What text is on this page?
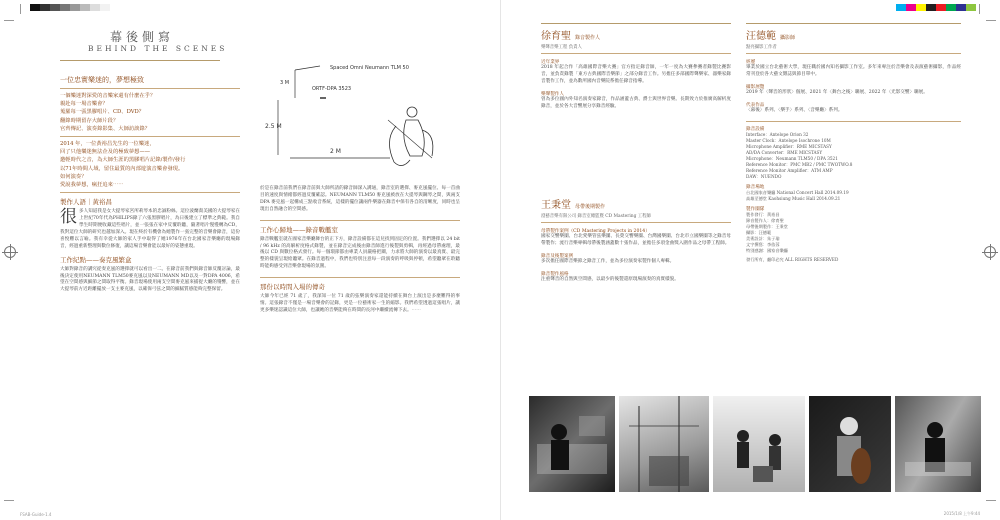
幕後側寫
BEHIND THE SCENES
一位忠實樂迷的，夢想極致
一個樂迷對深愛的音樂家還有什麼在乎？
親赴每一場音樂會？
蒐羅每一張黑膠唱片、CD、DVD？
翻錄時期留存大師片段？
官齊傳記、演奏錄影集、大師訪談錄？
2014 年，一位黃裕昌先生的一位樂迷，
回了只他樂迷無法企及的極致夢想——
邀輕時代之音，為大師生涯的黑膠唱片記錄/製作/發行
以71年時間人域，留住最質的內部遊演音樂會發現。
如何演奏？
愛說我夢想，瘋狂追來⋯⋯
製作人語｜黃裕昌
很多人知道我是女大提琴家宮所莉琴本的忠誠粉絲。這位波蘭裔美國的大提琴家在上世紀70年代為PHILIPS錄了六張黑膠唱片，為日後建立了標準之典範。我自學生時期便收藏這些唱片，並一張張在家中反覆聆聽，隨著唱片慢慢轉為CD，我對這位大師的研究也越加深入。現在終於有機會為她製作一張完整的音樂會錄音，這份喜悅難以言喻。我有幸從大師的家人手中取得了她1976年在台北國家音樂廳的現場錄音，經過重新整理與數位修復，讓這場音樂會能以最好的姿態重現。
工作紀點——奏克風繁盒
大師對錄音的講究從奏克風的選擇就可以看出一二。在錄音前我們與錄音師反覆討論，最後決定使用NEUMANN TLM50麥克風以及NEUMANN MD以及一對DPA 4006，希望在空間感與細節之間取得平衡。錄音現場使用兩支空間麥克風來捕捉大廳的殘響，並在大提琴前方近距離擺放一支主麥克風，以確保弓弦之間的細膩質感能夠完整保留。
Spaced Omni Neumann TLM 50
ORTF-DPA 3523
3 M
2.5 M
2 M
於是在錄音前我們在錄音前與大師所請的錄音師深入溝通，錄音室的選擇、麥克風擺位、每一首曲目的速度與情緒都經過反覆確認。NEUMANN TLM50 麥克風被放在大提琴與鋼琴之間，與兩支 DPA 麥克風一起構成三點收音系統，這樣的擺位讓兩件樂器在錄音中保有各自的清晰度，同時也呈現出自然融合的空間感。
工作心歸地——錄音戰艦室
錄音戰艦室就在國家音樂廳舞台的正下方，錄音設備都在這兒找到固定的位置。我們選擇以 24 bit / 96 kHz 的高解析度格式錄製，並在錄音完成後由錄音師進行後製與剪輯，再經過母帶處理，最後以 CD 與數位格式發行。每一個環節都由專業人員嚴格把關，力求將大師的演奏以最真實、最完整的樣貌呈現給聽眾。在錄音過程中，我們也特別注意每一段演奏的呼吸與停頓，希望聽眾在聆聽時能夠感受到音樂會現場的氛圍。
那份以時間入場的傳奇
大師今年已經 71 歲了，我深知一位 71 歲的弦樂演奏家還能持續在舞台上演出是多麼難得的事情。這張錄音不僅是一場音樂會的記錄，更是一位藝術家一生的縮影。我們希望透過這張唱片，讓更多樂迷認識這位大師，也讓她的音樂能夠在時間的長河中繼續流傳下去。⋯⋯
FSAB-Guide-1.4
徐育聖 錄音製作人
樂聲音樂工程 負責人
近年業界
2018 年起合作「高雄國際音樂大賽」官方指定錄音師，一年一度為大賽參賽者錄製比賽影音，並負責錄製「東方古典國際音樂節」之部分錄音工作。另擔任多部國際聲樂家、器樂家錄音製作工作，並為數所國內音樂院系擔任錄音指導。
樂聲製作人
曾為多位國內外知名演奏家錄音，作品涵蓋古典、爵士與世界音樂。長期致力於推廣高解析度錄音，並於各大音響展分享錄音經驗。
王秉堂 母帶後期製作
澄藝音樂有限公司 錄音室總監暨 CD Mastering 工程師
母帶製作案例（CD Mastering Projects in 2014）
國家交響樂團、台北愛樂管弦樂團、長榮交響樂團、台灣國樂團、台北市立國樂團等之錄音母帶製作；流行音樂專輯母帶後製涵蓋數十張作品，並擔任多項金曲獎入圍作品之母帶工程師。
錄音及後製案例
多次擔任國際音樂節之錄音工作，並為多位演奏家製作個人專輯。
錄音製作風格
注重聲音的自然與空間感，以最少的後製還原現場演奏的真實樣貌。
汪德範 攝影師
點亮攝影工作者
經歷
畢業於國立台北藝術大學，現任職於國內知名攝影工作室。多年來專注於音樂會及表演藝術攝影，作品經常刊登於各大藝文雜誌與節目單中。
攝影展覽
2019 年〈聲音的形狀〉個展、2021 年〈舞台之後〉聯展、2022 年〈光影交響〉聯展。
代表作品
〈幕後〉系列、〈樂手〉系列、〈音樂廳〉系列。
錄音設備
Interface：Antelope Orion 32
Master Clock：Antelope Isochrone 10M
Microphone Amplifier：RME MICSTASY
AD/DA Converter：RME MICSTASY
Microphone：Neumann TLM50 / DPA 3521
Reference Monitor：PMC MB2 / PMC TWOTWO.8
Reference Monitor Amplifier：ATM AMP
DAW：NUENDO
錄音場地
台北國家音樂廳 National Concert Hall 2014.09.19
高雄至德堂 Kaohsiung Music Hall 2014.09.21
製作團隊
製作發行：黃裕昌
錄音製作人：徐育聖
母帶後期製作：王秉堂
攝影：汪德範
美術設計：朱子瑜
文字撰寫：李依蓉
特別感謝：國家音樂廳
發行所有，翻印必究 ALL RIGHTS RESERVED
2015/1/8 上午9:44
